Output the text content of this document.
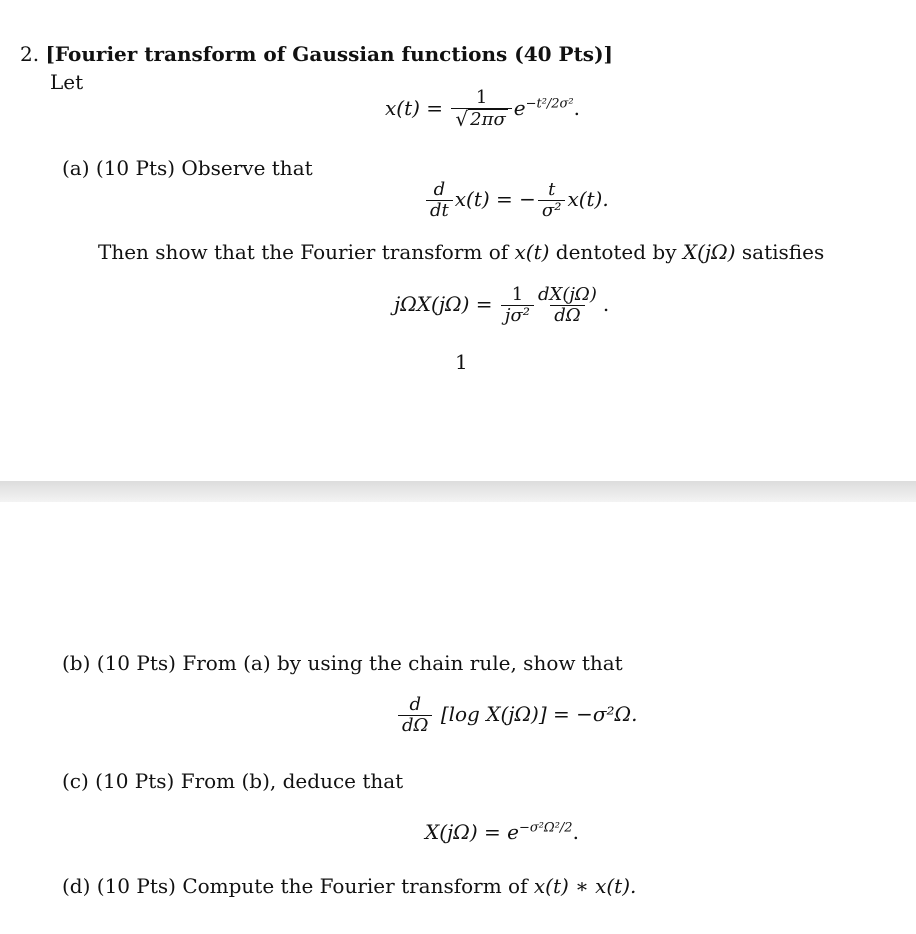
2. [Fourier transform of Gaussian functions (40 Pts)]
Let
$x(t) = \frac{1}{√ 2\pi\sigma} e^{-t^2/2\sigma^2}$.
(a) (10 Pts) Observe that
$\frac{d}{dt} x(t)$ = − $\frac{t}{\text{σ²}} x(t)$.
Then show that the Fourier transform of x(t) dentoted by X(jΩ) satisfies
$j\Omega X(j\Omega) = \frac{1}{\text{jσ²}} \frac{dX(j\Omega)}{d\Omega}$ .
1
(b) (10 Pts) From (a) by using the chain rule, show that
$\frac{d}{d\Omega} [\log$ X(jΩ)] = −σ²Ω.
(c) (10 Pts) From (b), deduce that
$X(j\Omega) = e^{-\sigma^2\Omega^2/2}$.
(d) (10 Pts) Compute the Fourier transform of x(t) ∗ x(t).
